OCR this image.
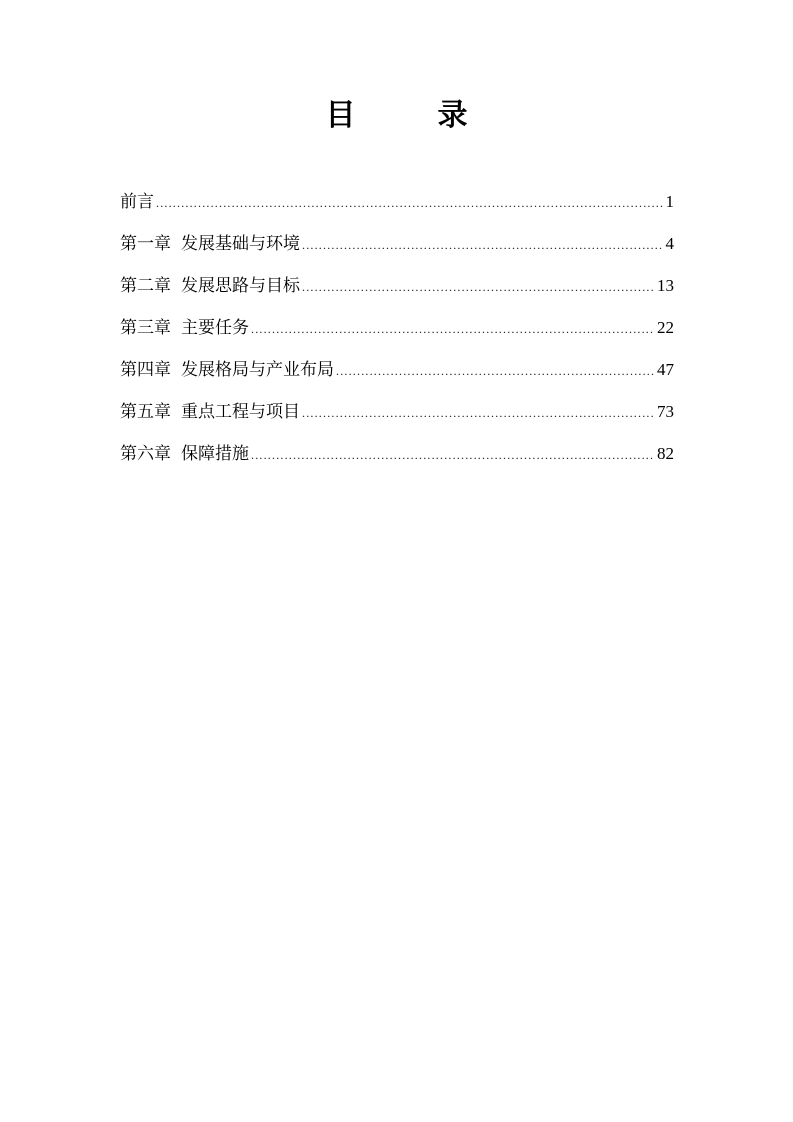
目　录
前言 .....	1
第一章 发展基础与环境 .....	4
第二章 发展思路与目标 .....	13
第三章 主要任务 .....	22
第四章 发展格局与产业布局 .....	47
第五章 重点工程与项目 .....	73
第六章 保障措施 .....	82
